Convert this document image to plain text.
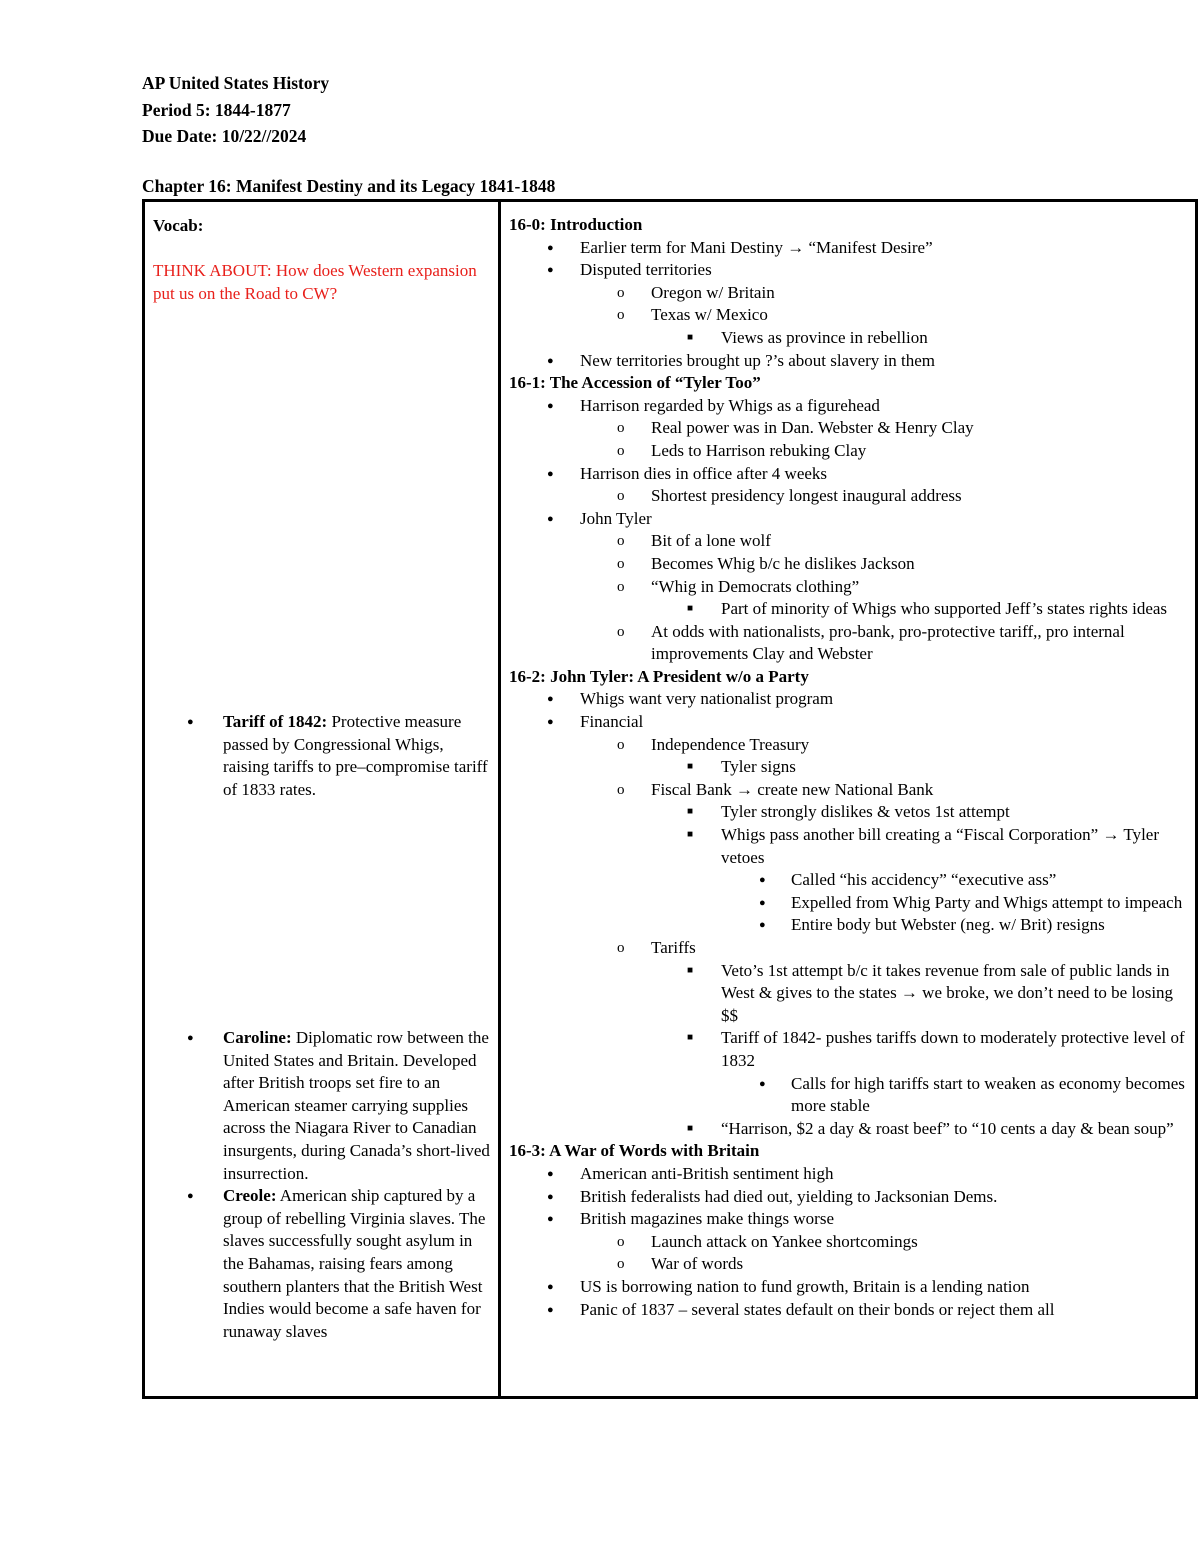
AP United States History
Period 5: 1844-1877
Due Date: 10/22//2024
Chapter 16: Manifest Destiny and its Legacy 1841-1848
Vocab:
THINK ABOUT: How does Western expansion put us on the Road to CW?
● Tariff of 1842: Protective measure passed by Congressional Whigs, raising tariffs to pre–compromise tariff of 1833 rates.
● Caroline: Diplomatic row between the United States and Britain. Developed after British troops set fire to an American steamer carrying supplies across the Niagara River to Canadian insurgents, during Canada’s short-lived insurrection.
● Creole: American ship captured by a group of rebelling Virginia slaves. The slaves successfully sought asylum in the Bahamas, raising fears among southern planters that the British West Indies would become a safe haven for runaway slaves
16-0: Introduction
● Earlier term for Mani Destiny → “Manifest Desire”
● Disputed territories
o Oregon w/ Britain
o Texas w/ Mexico
■ Views as province in rebellion
● New territories brought up ?’s about slavery in them
16-1: The Accession of “Tyler Too”
● Harrison regarded by Whigs as a figurehead
o Real power was in Dan. Webster & Henry Clay
o Leds to Harrison rebuking Clay
● Harrison dies in office after 4 weeks
o Shortest presidency longest inaugural address
● John Tyler
o Bit of a lone wolf
o Becomes Whig b/c he dislikes Jackson
o “Whig in Democrats clothing”
■ Part of minority of Whigs who supported Jeff’s states rights ideas
o At odds with nationalists, pro-bank, pro-protective tariff,, pro internal improvements Clay and Webster
16-2: John Tyler: A President w/o a Party
● Whigs want very nationalist program
● Financial
o Independence Treasury
■ Tyler signs
o Fiscal Bank → create new National Bank
■ Tyler strongly dislikes & vetos 1st attempt
■ Whigs pass another bill creating a “Fiscal Corporation” → Tyler vetoes
● Called “his accidency” “executive ass”
● Expelled from Whig Party and Whigs attempt to impeach
● Entire body but Webster (neg. w/ Brit) resigns
o Tariffs
■ Veto’s 1st attempt b/c it takes revenue from sale of public lands in West & gives to the states → we broke, we don’t need to be losing $$
■ Tariff of 1842- pushes tariffs down to moderately protective level of 1832
● Calls for high tariffs start to weaken as economy becomes more stable
■ “Harrison, $2 a day & roast beef” to “10 cents a day & bean soup”
16-3: A War of Words with Britain
● American anti-British sentiment high
● British federalists had died out, yielding to Jacksonian Dems.
● British magazines make things worse
o Launch attack on Yankee shortcomings
o War of words
● US is borrowing nation to fund growth, Britain is a lending nation
● Panic of 1837 – several states default on their bonds or reject them all
